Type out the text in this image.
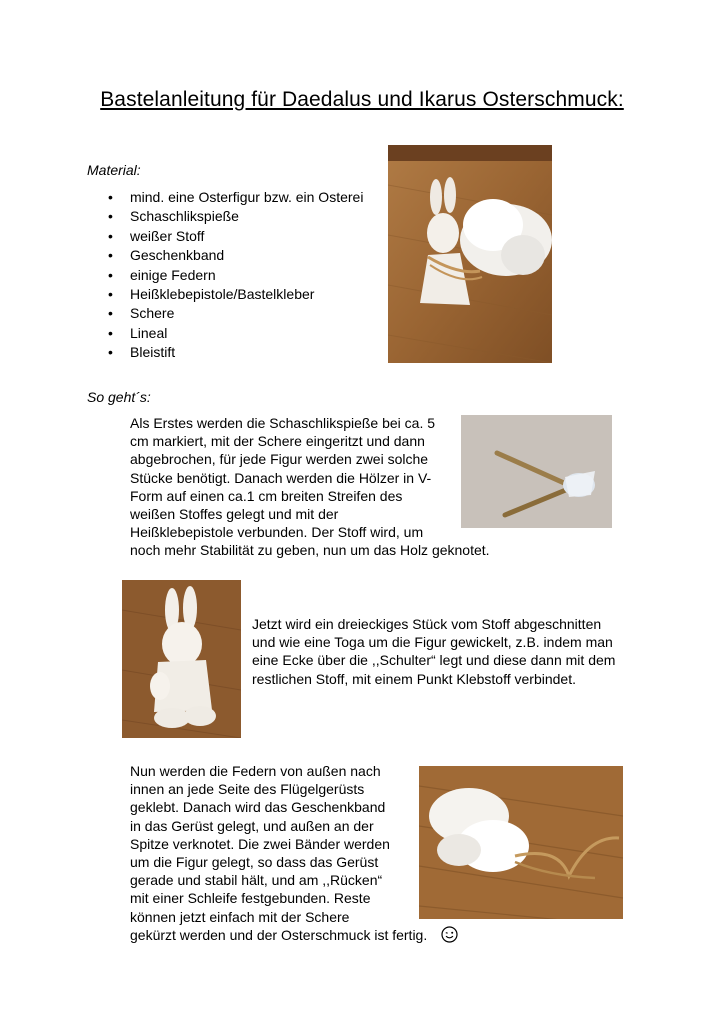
Bastelanleitung für Daedalus und Ikarus Osterschmuck:
Material:
• mind. eine Osterfigur bzw. ein Osterei
• Schaschlikspieße
• weißer Stoff
• Geschenkband
• einige Federn
• Heißklebepistole/Bastelkleber
• Schere
• Lineal
• Bleistift
So geht´s:
Als Erstes werden die Schaschlikspieße bei ca. 5
cm markiert, mit der Schere eingeritzt und dann
abgebrochen, für jede Figur werden zwei solche
Stücke benötigt. Danach werden die Hölzer in V-
Form auf einen ca.1 cm breiten Streifen des
weißen Stoffes gelegt und mit der
Heißklebepistole verbunden. Der Stoff wird, um
noch mehr Stabilität zu geben, nun um das Holz geknotet.
Jetzt wird ein dreieckiges Stück vom Stoff abgeschnitten
und wie eine Toga um die Figur gewickelt, z.B. indem man
eine Ecke über die ,,Schulter“ legt und diese dann mit dem
restlichen Stoff, mit einem Punkt Klebstoff verbindet.
Nun werden die Federn von außen nach
innen an jede Seite des Flügelgerüsts
geklebt. Danach wird das Geschenkband
in das Gerüst gelegt, und außen an der
Spitze verknotet. Die zwei Bänder werden
um die Figur gelegt, so dass das Gerüst
gerade und stabil hält, und am ,,Rücken“
mit einer Schleife festgebunden. Reste
können jetzt einfach mit der Schere
gekürzt werden und der Osterschmuck ist fertig.
